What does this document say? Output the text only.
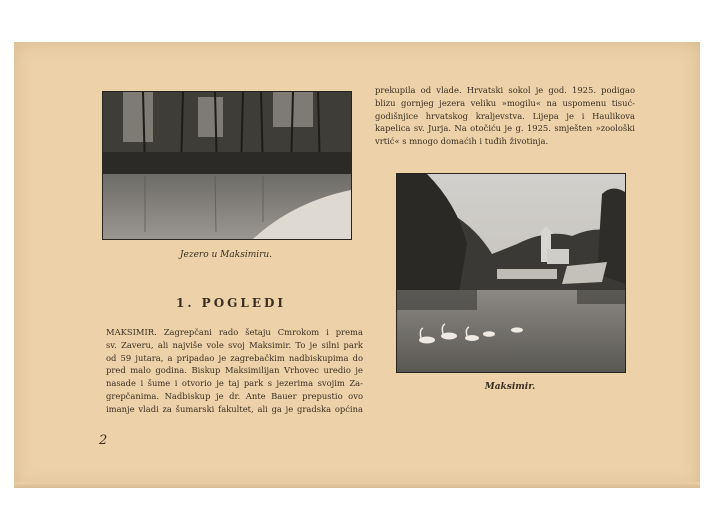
Jezero u Maksimiru.
1. POGLEDI
MAKSIMIR. Zagrepčani rado šetaju Cmrokom i prema
sv. Zaveru, ali najviše vole svoj Maksimir. To je silni park
od 59 jutara, a pripadao je zagrebačkim nadbiskupima do
pred malo godina. Biskup Maksimilijan Vrhovec uredio je
nasade i šume i otvorio je taj park s jezerima svojim Za-
grepčanima. Nadbiskup je dr. Ante Bauer prepustio ovo
imanje vladi za šumarski fakultet, ali ga je gradska općina
2
prekupila od vlade. Hrvatski sokol je god. 1925. podigao
blizu gornjeg jezera veliku »mogilu« na uspomenu tisuć-
godišnjice hrvatskog kraljevstva. Lijepa je i Haulikova
kapelica sv. Jurja. Na otočiću je g. 1925. smješten »zoološki
vrtić« s mnogo domaćih i tuđih životinja.
Maksimir.
